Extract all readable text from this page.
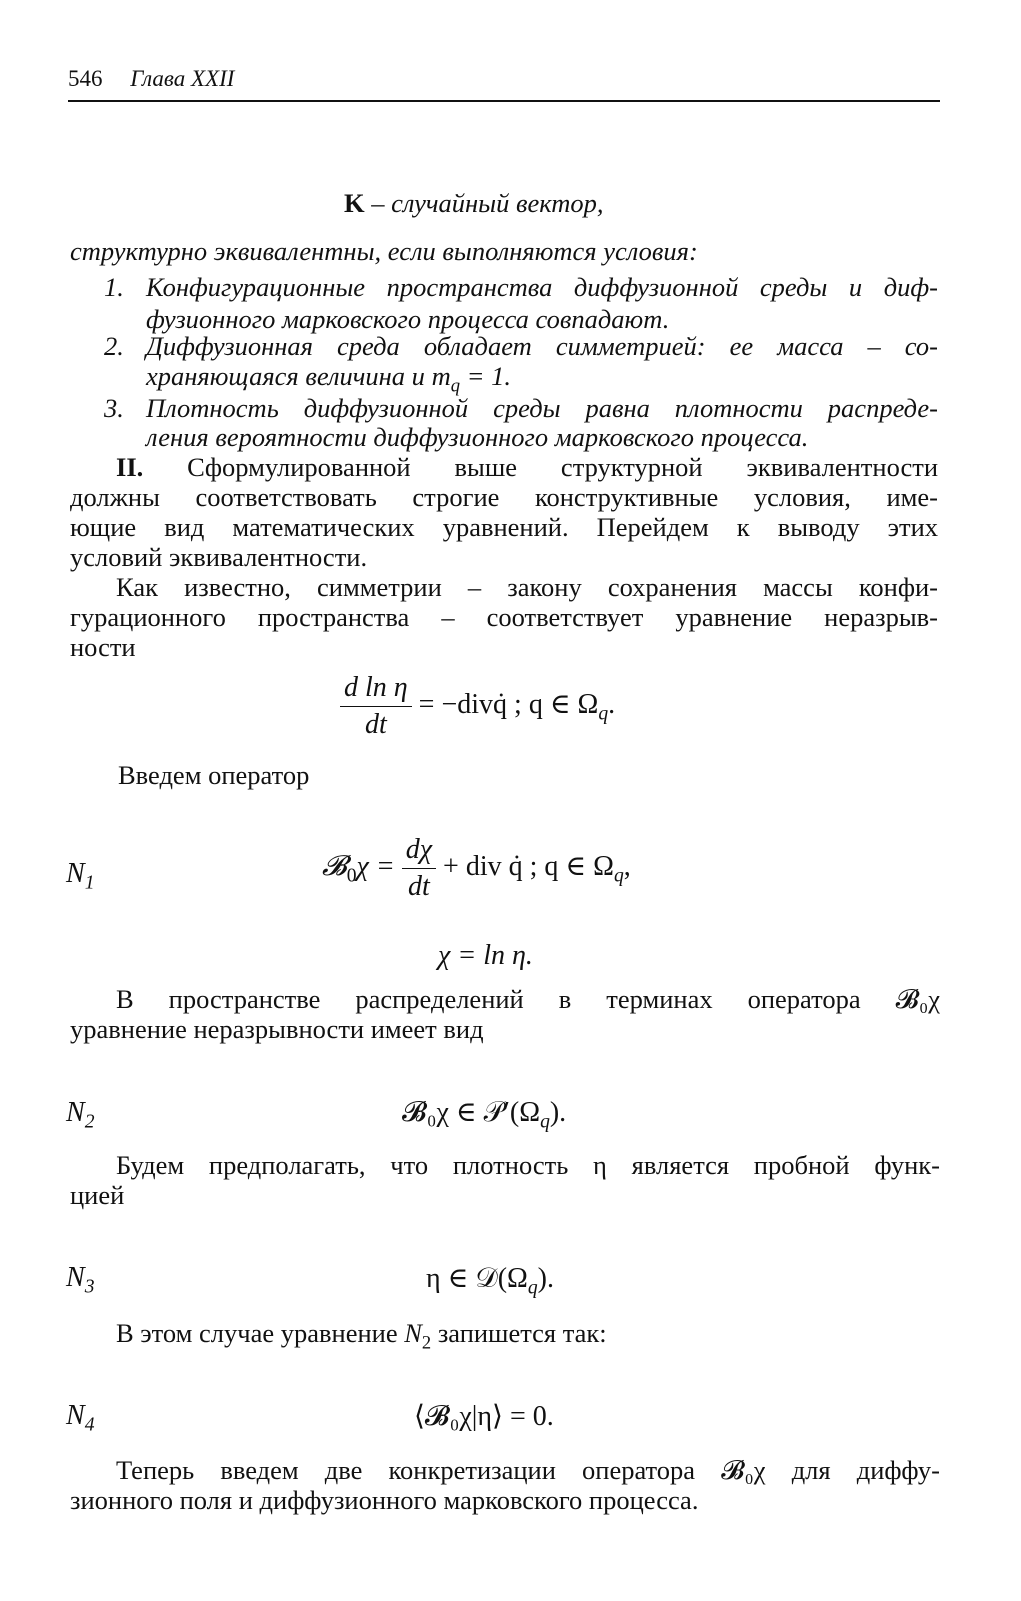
546 Глава XXII
K – случайный вектор,
структурно эквивалентны, если выполняются условия:
1. Конфигурационные пространства диффузионной среды и диф-
фузионного марковского процесса совпадают.
2. Диффузионная среда обладает симметрией: ее масса – со-
храняющаяся величина и $m_q = 1$.
3. Плотность диффузионной среды равна плотности распреде-
ления вероятности диффузионного марковского процесса.
II. Сформулированной выше структурной эквивалентности
должны соответствовать строгие конструктивные условия, име-
ющие вид математических уравнений. Перейдем к выводу этих
условий эквивалентности.
Как известно, симметрии – закону сохранения массы конфи-
гурационного пространства – соответствует уравнение неразрыв-
ности
$\frac{\text{d ln η}}{dt}$ = −divq̇ ; q ∈ $\Omega_q$.
Введем оператор
$N_1$
𝓑$_0$χ = $\frac{d\chi}{dt}$ + div q̇ ; q ∈ $\Omega_q$,
χ = ln η.
В пространстве распределений в терминах оператора 𝓑₀χ
уравнение неразрывности имеет вид
$N_2$	𝓑₀χ ∈ $𝒫'(\Omega_q)$.
Будем предполагать, что плотность η является пробной функ-
цией
$N_3$	η ∈ $𝒟(\Omega_q)$.
В этом случае уравнение $N_2$ запишется так:
$N_4$	⟨𝓑₀χ|η⟩ = 0.
Теперь введем две конкретизации оператора 𝓑₀χ для диффу-
зионного поля и диффузионного марковского процесса.
